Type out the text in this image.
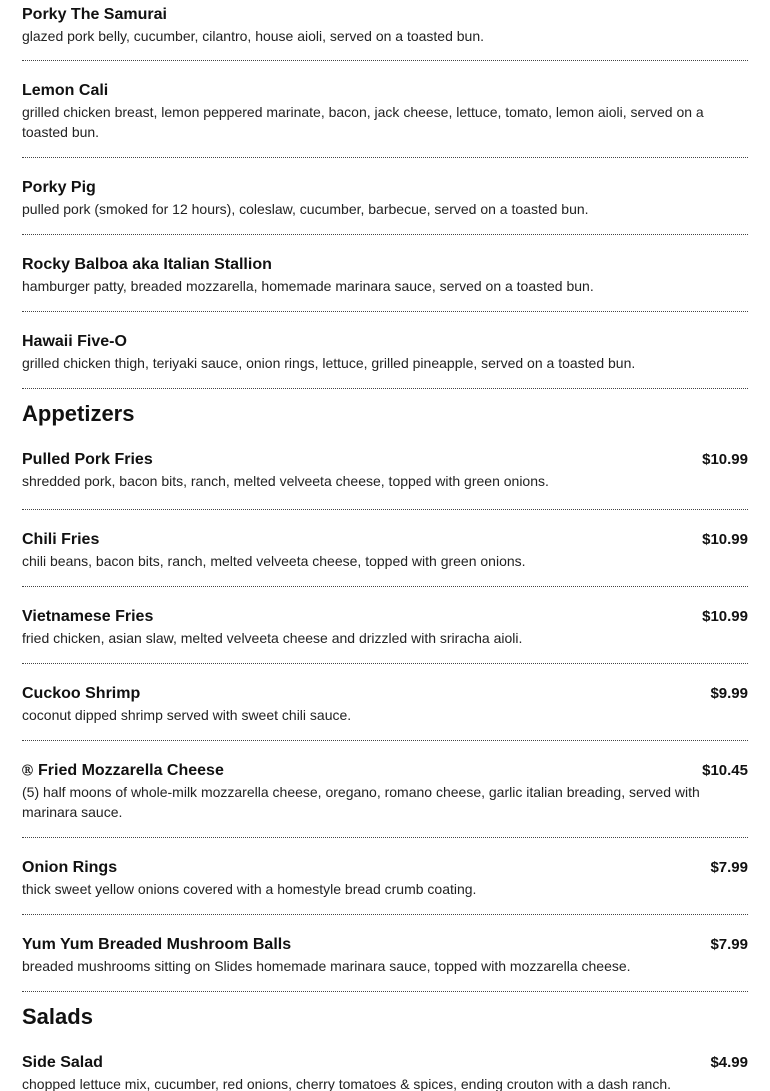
Porky The Samurai
glazed pork belly, cucumber, cilantro, house aioli, served on a toasted bun.
Lemon Cali
grilled chicken breast, lemon peppered marinate, bacon, jack cheese, lettuce, tomato, lemon aioli, served on a toasted bun.
Porky Pig
pulled pork (smoked for 12 hours), coleslaw, cucumber, barbecue, served on a toasted bun.
Rocky Balboa aka Italian Stallion
hamburger patty, breaded mozzarella, homemade marinara sauce, served on a toasted bun.
Hawaii Five-O
grilled chicken thigh, teriyaki sauce, onion rings, lettuce, grilled pineapple, served on a toasted bun.
Appetizers
Pulled Pork Fries	$10.99
shredded pork, bacon bits, ranch, melted velveeta cheese, topped with green onions.
Chili Fries	$10.99
chili beans, bacon bits, ranch, melted velveeta cheese, topped with green onions.
Vietnamese Fries	$10.99
fried chicken, asian slaw, melted velveeta cheese and drizzled with sriracha aioli.
Cuckoo Shrimp	$9.99
coconut dipped shrimp served with sweet chili sauce.
Ⓡ Fried Mozzarella Cheese	$10.45
(5) half moons of whole-milk mozzarella cheese, oregano, romano cheese, garlic italian breading, served with marinara sauce.
Onion Rings	$7.99
thick sweet yellow onions covered with a homestyle bread crumb coating.
Yum Yum Breaded Mushroom Balls	$7.99
breaded mushrooms sitting on Slides homemade marinara sauce, topped with mozzarella cheese.
Salads
Side Salad	$4.99
chopped lettuce mix, cucumber, red onions, cherry tomatoes & spices, ending crouton with a dash ranch.
